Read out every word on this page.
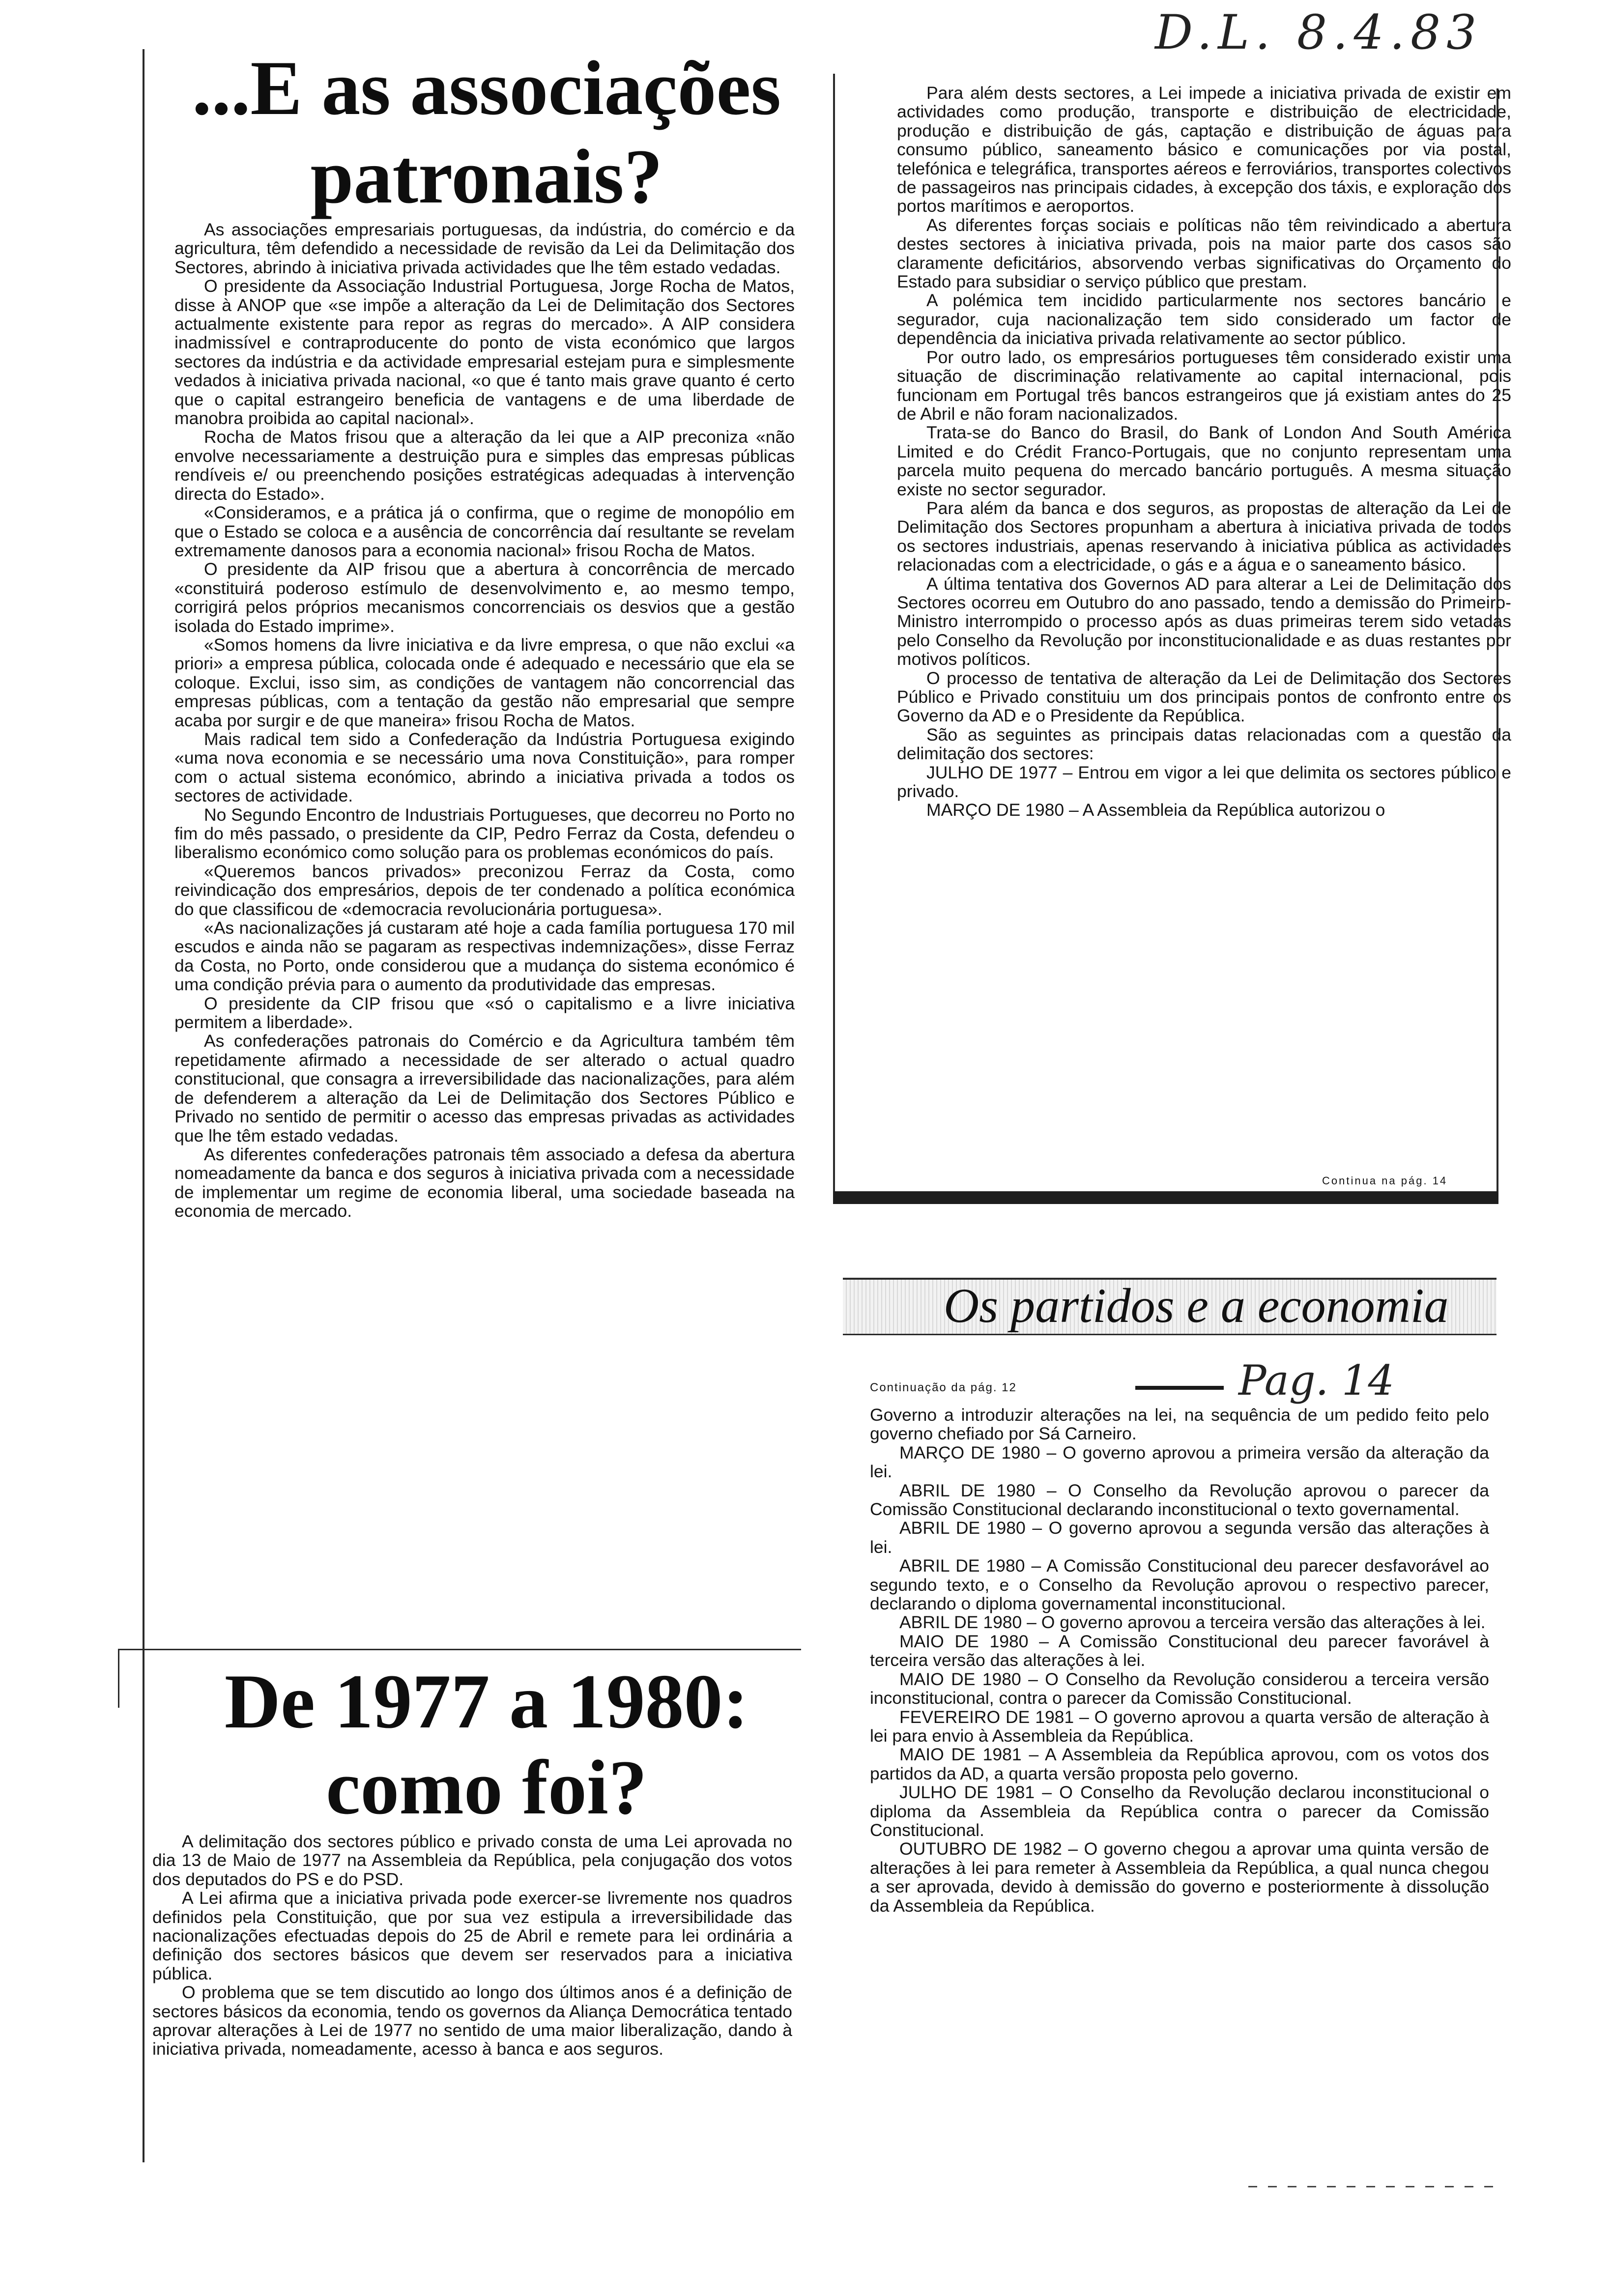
D.L. 8.4.83
...E as associações
patronais?

As associações empresariais portuguesas, da indústria, do comércio e da agricultura, têm defendido a necessidade de revisão da Lei da Delimitação dos Sectores, abrindo à iniciativa privada actividades que lhe têm estado vedadas.

O presidente da Associação Industrial Portuguesa, Jorge Rocha de Matos, disse à ANOP que «se impõe a alteração da Lei de Delimitação dos Sectores actualmente existente para repor as regras do mercado». A AIP considera inadmissível e contraproducente do ponto de vista económico que largos sectores da indústria e da actividade empresarial estejam pura e simplesmente vedados à iniciativa privada nacional, «o que é tanto mais grave quanto é certo que o capital estrangeiro beneficia de vantagens e de uma liberdade de manobra proibida ao capital nacional».

Rocha de Matos frisou que a alteração da lei que a AIP preconiza «não envolve necessariamente a destruição pura e simples das empresas públicas rendíveis e/ ou preenchendo posições estratégicas adequadas à intervenção directa do Estado».

«Consideramos, e a prática já o confirma, que o regime de monopólio em que o Estado se coloca e a ausência de concorrência daí resultante se revelam extremamente danosos para a economia nacional» frisou Rocha de Matos.

O presidente da AIP frisou que a abertura à concorrência de mercado «constituirá poderoso estímulo de desenvolvimento e, ao mesmo tempo, corrigirá pelos próprios mecanismos concorrenciais os desvios que a gestão isolada do Estado imprime».

«Somos homens da livre iniciativa e da livre empresa, o que não exclui «a priori» a empresa pública, colocada onde é adequado e necessário que ela se coloque. Exclui, isso sim, as condições de vantagem não concorrencial das empresas públicas, com a tentação da gestão não empresarial que sempre acaba por surgir e de que maneira» frisou Rocha de Matos.

Mais radical tem sido a Confederação da Indústria Portuguesa exigindo «uma nova economia e se necessário uma nova Constituição», para romper com o actual sistema económico, abrindo a iniciativa privada a todos os sectores de actividade.

No Segundo Encontro de Industriais Portugueses, que decorreu no Porto no fim do mês passado, o presidente da CIP, Pedro Ferraz da Costa, defendeu o liberalismo económico como solução para os problemas económicos do país.

«Queremos bancos privados» preconizou Ferraz da Costa, como reivindicação dos empresários, depois de ter condenado a política económica do que classificou de «democracia revolucionária portuguesa».

«As nacionalizações já custaram até hoje a cada família portuguesa 170 mil escudos e ainda não se pagaram as respectivas indemnizações», disse Ferraz da Costa, no Porto, onde considerou que a mudança do sistema económico é uma condição prévia para o aumento da produtividade das empresas.

O presidente da CIP frisou que «só o capitalismo e a livre iniciativa permitem a liberdade».

As confederações patronais do Comércio e da Agricultura também têm repetidamente afirmado a necessidade de ser alterado o actual quadro constitucional, que consagra a irreversibilidade das nacionalizações, para além de defenderem a alteração da Lei de Delimitação dos Sectores Público e Privado no sentido de permitir o acesso das empresas privadas as actividades que lhe têm estado vedadas.

As diferentes confederações patronais têm associado a defesa da abertura nomeadamente da banca e dos seguros à iniciativa privada com a necessidade de implementar um regime de economia liberal, uma sociedade baseada na economia de mercado.

De 1977 a 1980:
como foi?

A delimitação dos sectores público e privado consta de uma Lei aprovada no dia 13 de Maio de 1977 na Assembleia da República, pela conjugação dos votos dos deputados do PS e do PSD.

A Lei afirma que a iniciativa privada pode exercer-se livremente nos quadros definidos pela Constituição, que por sua vez estipula a irreversibilidade das nacionalizações efectuadas depois do 25 de Abril e remete para lei ordinária a definição dos sectores básicos que devem ser reservados para a iniciativa pública.

O problema que se tem discutido ao longo dos últimos anos é a definição de sectores básicos da economia, tendo os governos da Aliança Democrática tentado aprovar alterações à Lei de 1977 no sentido de uma maior liberalização, dando à iniciativa privada, nomeadamente, acesso à banca e aos seguros.

Para além dests sectores, a Lei impede a iniciativa privada de existir em actividades como produção, transporte e distribuição de electricidade, produção e distribuição de gás, captação e distribuição de águas para consumo público, saneamento básico e comunicações por via postal, telefónica e telegráfica, transportes aéreos e ferroviários, transportes colectivos de passageiros nas principais cidades, à excepção dos táxis, e exploração dos portos marítimos e aeroportos.

As diferentes forças sociais e políticas não têm reivindicado a abertura destes sectores à iniciativa privada, pois na maior parte dos casos são claramente deficitários, absorvendo verbas significativas do Orçamento do Estado para subsidiar o serviço público que prestam.

A polémica tem incidido particularmente nos sectores bancário e segurador, cuja nacionalização tem sido considerado um factor de dependência da iniciativa privada relativamente ao sector público.

Por outro lado, os empresários portugueses têm considerado existir uma situação de discriminação relativamente ao capital internacional, pois funcionam em Portugal três bancos estrangeiros que já existiam antes do 25 de Abril e não foram nacionalizados.

Trata-se do Banco do Brasil, do Bank of London And South América Limited e do Crédit Franco-Portugais, que no conjunto representam uma parcela muito pequena do mercado bancário português. A mesma situação existe no sector segurador.

Para além da banca e dos seguros, as propostas de alteração da Lei de Delimitação dos Sectores propunham a abertura à iniciativa privada de todos os sectores industriais, apenas reservando à iniciativa pública as actividades relacionadas com a electricidade, o gás e a água e o saneamento básico.

A última tentativa dos Governos AD para alterar a Lei de Delimitação dos Sectores ocorreu em Outubro do ano passado, tendo a demissão do Primeiro-Ministro interrompido o processo após as duas primeiras terem sido vetadas pelo Conselho da Revolução por inconstitucionalidade e as duas restantes por motivos políticos.

O processo de tentativa de alteração da Lei de Delimitação dos Sectores Público e Privado constituiu um dos principais pontos de confronto entre os Governo da AD e o Presidente da República.

São as seguintes as principais datas relacionadas com a questão da delimitação dos sectores:

JULHO DE 1977 – Entrou em vigor a lei que delimita os sectores público e privado.

MARÇO DE 1980 – A Assembleia da República autorizou o

Continua na pág. 14
Os partidos e a economia
Continuação da pág. 12	Pag. 14

Governo a introduzir alterações na lei, na sequência de um pedido feito pelo governo chefiado por Sá Carneiro.

MARÇO DE 1980 – O governo aprovou a primeira versão da alteração da lei.

ABRIL DE 1980 – O Conselho da Revolução aprovou o parecer da Comissão Constitucional declarando inconstitucional o texto governamental.

ABRIL DE 1980 – O governo aprovou a segunda versão das alterações à lei.

ABRIL DE 1980 – A Comissão Constitucional deu parecer desfavorável ao segundo texto, e o Conselho da Revolução aprovou o respectivo parecer, declarando o diploma governamental inconstitucional.

ABRIL DE 1980 – O governo aprovou a terceira versão das alterações à lei.

MAIO DE 1980 – A Comissão Constitucional deu parecer favorável à terceira versão das alterações à lei.

MAIO DE 1980 – O Conselho da Revolução considerou a terceira versão inconstitucional, contra o parecer da Comissão Constitucional.

FEVEREIRO DE 1981 – O governo aprovou a quarta versão de alteração à lei para envio à Assembleia da República.

MAIO DE 1981 – A Assembleia da República aprovou, com os votos dos partidos da AD, a quarta versão proposta pelo governo.

JULHO DE 1981 – O Conselho da Revolução declarou inconstitucional o diploma da Assembleia da República contra o parecer da Comissão Constitucional.

OUTUBRO DE 1982 – O governo chegou a aprovar uma quinta versão de alterações à lei para remeter à Assembleia da República, a qual nunca chegou a ser aprovada, devido à demissão do governo e posteriormente à dissolução da Assembleia da República.
